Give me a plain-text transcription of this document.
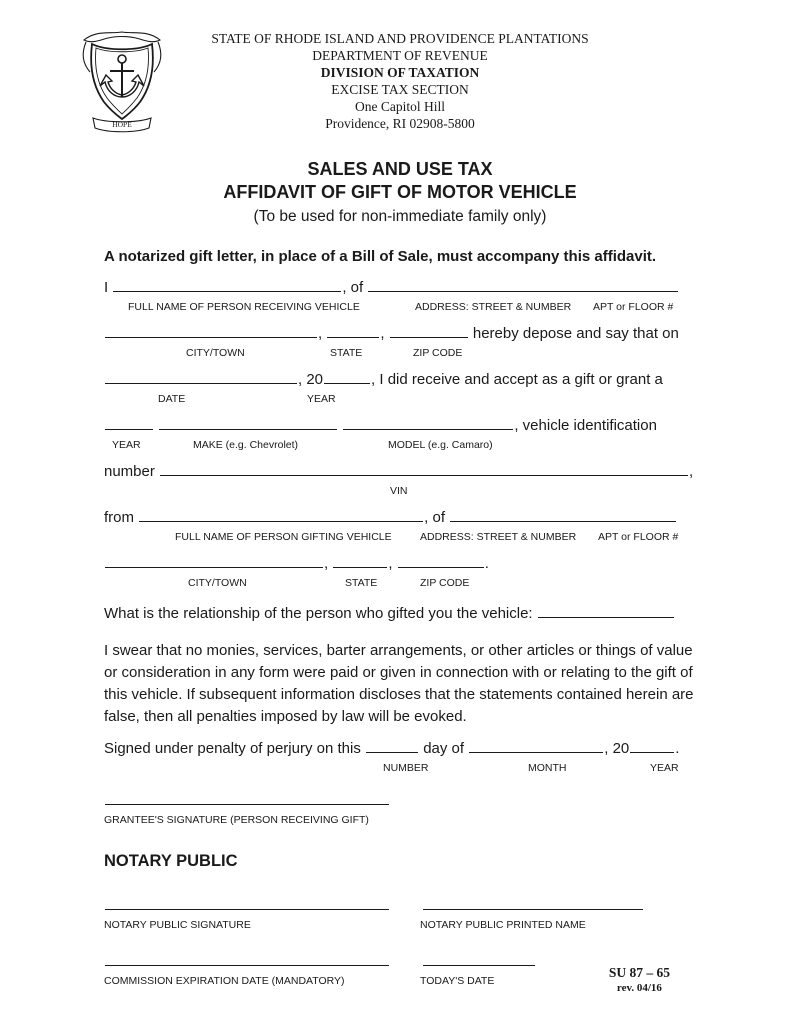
HOPE
STATE OF RHODE ISLAND AND PROVIDENCE PLANTATIONS
DEPARTMENT OF REVENUE
DIVISION OF TAXATION
EXCISE TAX SECTION
One Capitol Hill
Providence, RI 02908-5800
SALES AND USE TAX
AFFIDAVIT OF GIFT OF MOTOR VEHICLE
(To be used for non-immediate family only)
A notarized gift letter, in place of a Bill of Sale, must accompany this affidavit.
I	, of
FULL NAME OF PERSON RECEIVING VEHICLE	ADDRESS: STREET & NUMBER APT or FLOOR #
,	,	hereby depose and say that on
CITY/TOWN	STATE	ZIP CODE
, 20	, I did receive and accept as a gift or grant a
DATE	YEAR
, vehicle identification
YEAR	MAKE (e.g. Chevrolet)	MODEL (e.g. Camaro)
number	,
VIN
from	, of
FULL NAME OF PERSON GIFTING VEHICLE	ADDRESS: STREET & NUMBER APT or FLOOR #
,	,	.
CITY/TOWN	STATE	ZIP CODE
What is the relationship of the person who gifted you the vehicle:

I swear that no monies, services, barter arrangements, or other articles or things of value or consideration in any form were paid or given in connection with or relating to the gift of this vehicle. If subsequent information discloses that the statements contained herein are false, then all penalties imposed by law will be evoked.

Signed under penalty of perjury on this	day of	, 20	.
NUMBER	MONTH	YEAR
GRANTEE'S SIGNATURE (PERSON RECEIVING GIFT)
NOTARY PUBLIC
NOTARY PUBLIC SIGNATURE	NOTARY PUBLIC PRINTED NAME
COMMISSION EXPIRATION DATE (MANDATORY)	TODAY'S DATE
SU 87 – 65
rev. 04/16
